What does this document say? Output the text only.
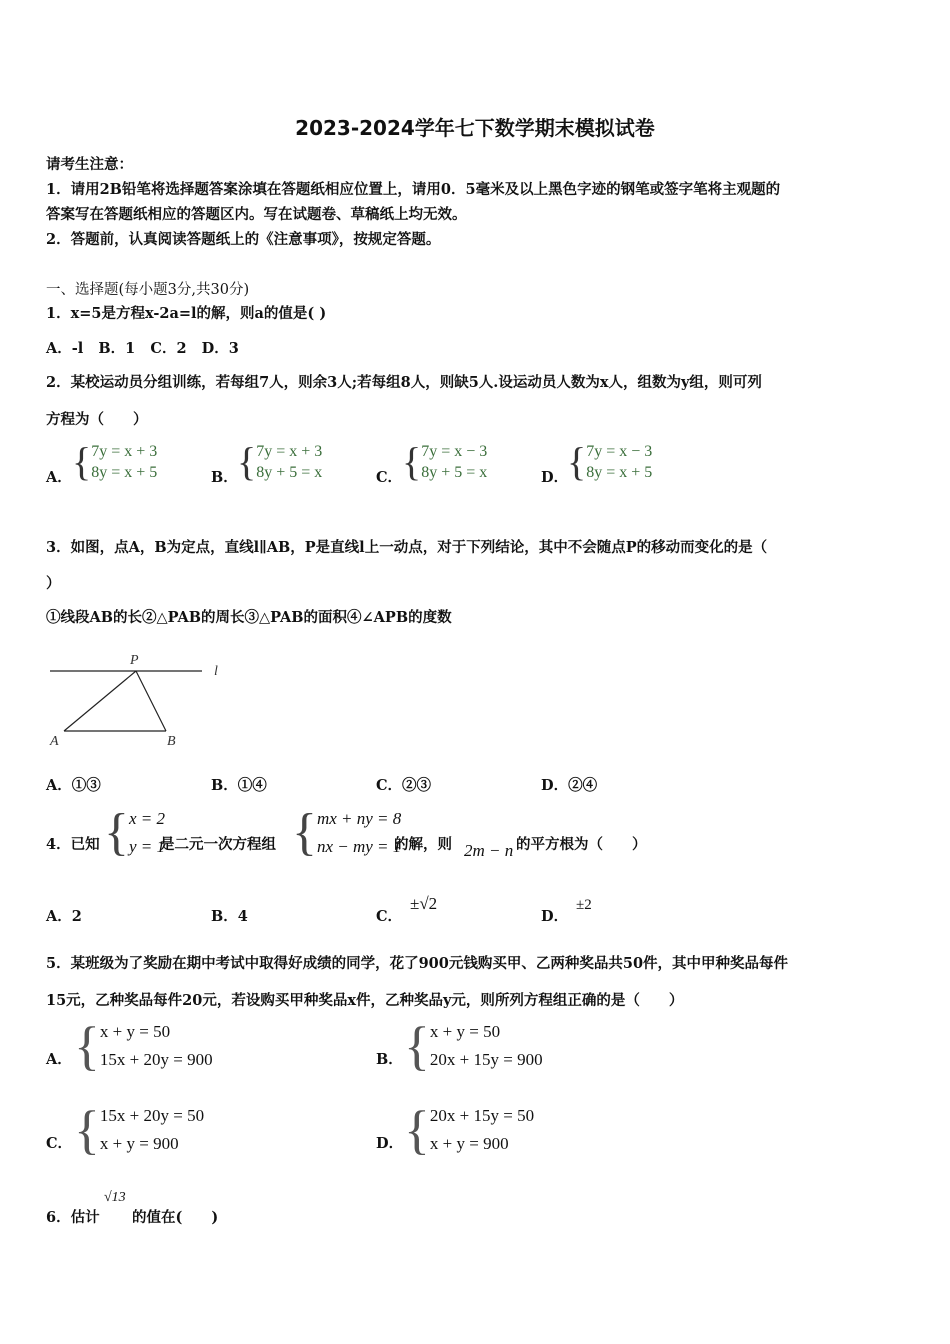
2023-2024学年七下数学期末模拟试卷
请考生注意：
1．请用2B铅笔将选择题答案涂填在答题纸相应位置上，请用0．5毫米及以上黑色字迹的钢笔或签字笔将主观题的
答案写在答题纸相应的答题区内。写在试题卷、草稿纸上均无效。
2．答题前，认真阅读答题纸上的《注意事项》，按规定答题。
一、选择题(每小题3分,共30分)
1．x=5是方程x-2a=l的解，则a的值是( )
A．-l   B．1   C．2   D．3
2．某校运动员分组训练，若每组7人，则余3人;若每组8人，则缺5人.设运动员人数为x人，组数为y组，则可列
方程为（　　）
A． { 7y = x + 3
8y = x + 5	B． { 7y = x + 3
8y + 5 = x	C． { 7y = x − 3
8y + 5 = x	D．
{ 7y = x − 3
8y = x + 5
3．如图，点A，B为定点，直线l∥AB，P是直线l上一动点，对于下列结论，其中不会随点P的移动而变化的是（
）
①线段AB的长②△PAB的周长③△PAB的面积④∠APB的度数
P
A	B
l
A．①③	B．①④	C．②③	D．②④
4．已知 { x = 2
y = 1
是二元一次方程组 { mx + ny = 8
nx − my = 1
的解，则 2m − n 的平方根为（　　）
A．2	B．4	C．
±√2
D．
±2
5．某班级为了奖励在期中考试中取得好成绩的同学，花了900元钱购买甲、乙两种奖品共50件，其中甲种奖品每件
15元，乙种奖品每件20元，若设购买甲种奖品x件，乙种奖品y元，则所列方程组正确的是（　　）
A． { x + y = 50
15x + 20y = 900	B． { x + y = 50
20x + 15y = 900
C． { 15x + 20y = 50
x + y = 900	D． { 20x + 15y = 50
x + y = 900
6．估计
√13
的值在(　　)
